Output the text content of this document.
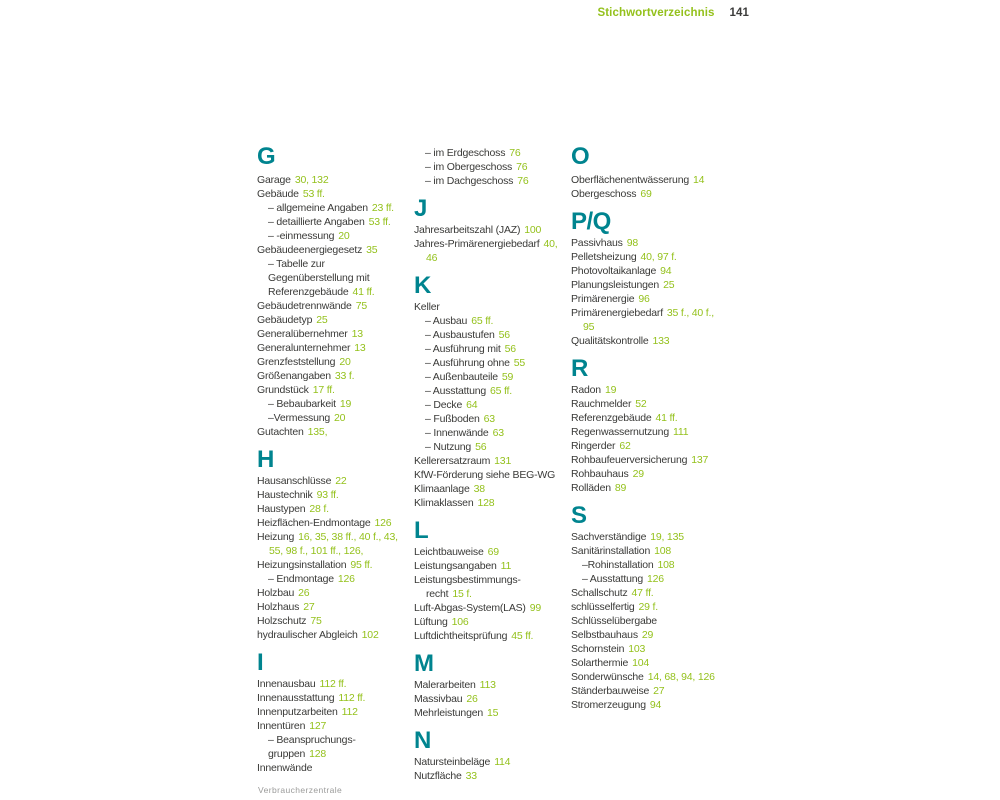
Stichwortverzeichnis 141
G

Garage 30, 132

Gebäude 53 ff.

– allgemeine Angaben 23 ff.

– detaillierte Angaben 53 ff.

– -einmessung 20

Gebäudeenergiegesetz 35

– Tabelle zur Gegenüberstellung mit Referenzgebäude 41 ff.

Gebäudetrennwände 75

Gebäudetyp 25

Generalübernehmer 13

Generalunternehmer 13

Grenzfeststellung 20

Größenangaben 33 f.

Grundstück 17 ff.

– Bebaubarkeit 19

–Vermessung 20

Gutachten 135,

H

Hausanschlüsse 22

Haustechnik 93 ff.

Haustypen 28 f.

Heizflächen-Endmontage 126

Heizung 16, 35, 38 ff., 40 f., 43, 55, 98 f., 101 ff., 126,

Heizungsinstallation 95 ff.

– Endmontage 126

Holzbau 26

Holzhaus 27

Holzschutz 75

hydraulischer Abgleich 102

I

Innenausbau 112 ff.

Innenausstattung 112 ff.

Innenputzarbeiten 112

Innentüren 127

– Beanspruchungs- gruppen 128

Innenwände

– im Erdgeschoss 76

– im Obergeschoss 76

– im Dachgeschoss 76

J

Jahresarbeitszahl (JAZ) 100

Jahres-Primärenergiebedarf 40, 46

K

Keller

– Ausbau 65 ff.

– Ausbaustufen 56

– Ausführung mit 56

– Ausführung ohne 55

– Außenbauteile 59

– Ausstattung 65 ff.

– Decke 64

– Fußboden 63

– Innenwände 63

– Nutzung 56

Kellerersatzraum 131

KfW-Förderung siehe BEG-WG

Klimaanlage 38

Klimaklassen 128

L

Leichtbauweise 69

Leistungsangaben 11

Leistungsbestimmungs- recht 15 f.

Luft-Abgas-System(LAS) 99

Lüftung 106

Luftdichtheitsprüfung 45 ff.

M

Malerarbeiten 113

Massivbau 26

Mehrleistungen 15

N

Natursteinbeläge 114

Nutzfläche 33

O

Oberflächenentwässerung 14

Obergeschoss 69

P/Q

Passivhaus 98

Pelletsheizung 40, 97 f.

Photovoltaikanlage 94

Planungsleistungen 25

Primärenergie 96

Primärenergiebedarf 35 f., 40 f., 95

Qualitätskontrolle 133

R

Radon 19

Rauchmelder 52

Referenzgebäude 41 ff.

Regenwassernutzung 111

Ringerder 62

Rohbaufeuerversicherung 137

Rohbauhaus 29

Rolläden 89

S

Sachverständige 19, 135

Sanitärinstallation 108

–Rohinstallation 108

– Ausstattung 126

Schallschutz 47 ff.

schlüsselfertig 29 f.

Schlüsselübergabe

Selbstbauhaus 29

Schornstein 103

Solarthermie 104

Sonderwünsche 14, 68, 94, 126

Ständerbauweise 27

Stromerzeugung 94

Verbraucherzentrale
